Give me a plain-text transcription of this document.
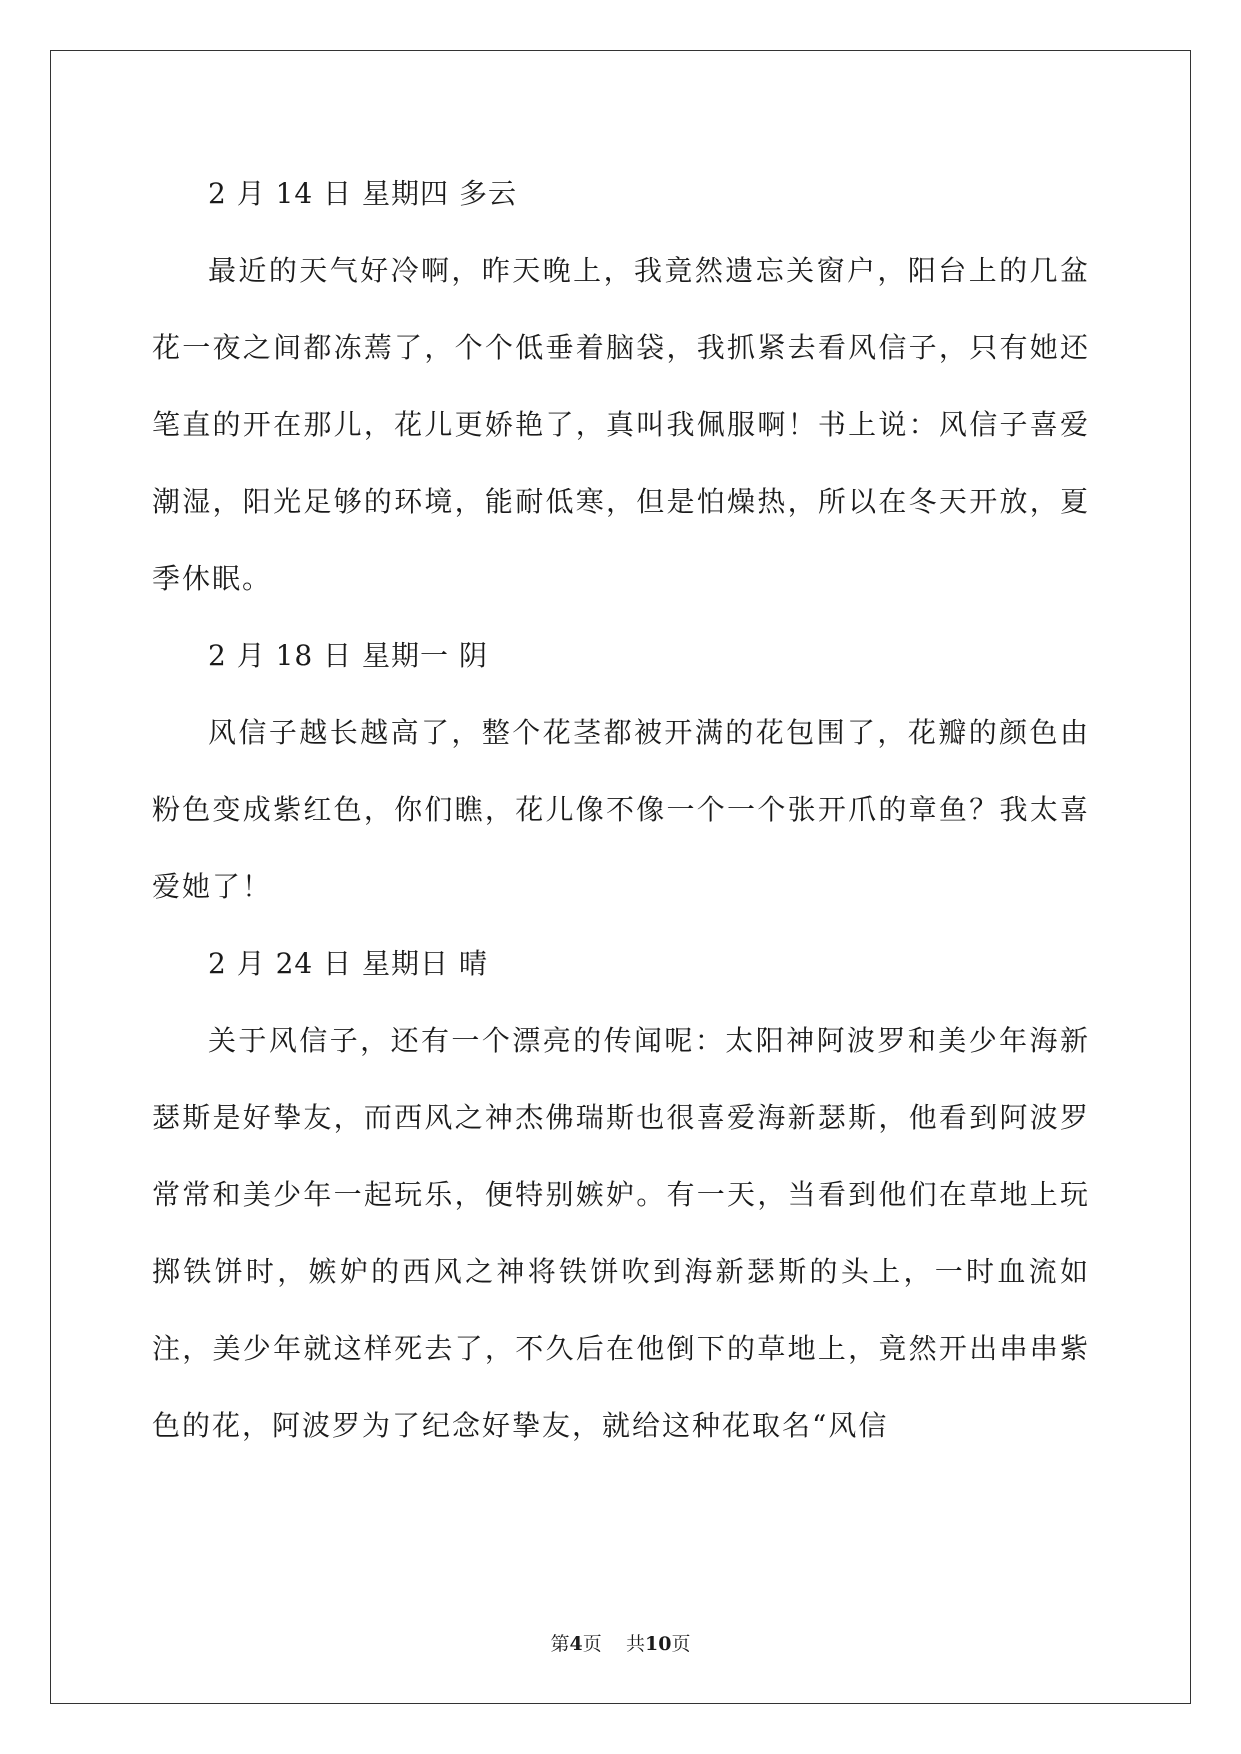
2 月 14 日 星期四 多云

最近的天气好冷啊，昨天晚上，我竟然遗忘关窗户，阳台上的几盆花一夜之间都冻蔫了，个个低垂着脑袋，我抓紧去看风信子，只有她还笔直的开在那儿，花儿更娇艳了，真叫我佩服啊！书上说：风信子喜爱潮湿，阳光足够的环境，能耐低寒，但是怕燥热，所以在冬天开放，夏季休眠。

2 月 18 日 星期一 阴

风信子越长越高了，整个花茎都被开满的花包围了，花瓣的颜色由粉色变成紫红色，你们瞧，花儿像不像一个一个张开爪的章鱼？我太喜爱她了！

2 月 24 日 星期日 晴

关于风信子，还有一个漂亮的传闻呢：太阳神阿波罗和美少年海新瑟斯是好挚友，而西风之神杰佛瑞斯也很喜爱海新瑟斯，他看到阿波罗常常和美少年一起玩乐，便特别嫉妒。有一天，当看到他们在草地上玩掷铁饼时，嫉妒的西风之神将铁饼吹到海新瑟斯的头上，一时血流如注，美少年就这样死去了，不久后在他倒下的草地上，竟然开出串串紫色的花，阿波罗为了纪念好挚友，就给这种花取名“风信

第4页 共10页
